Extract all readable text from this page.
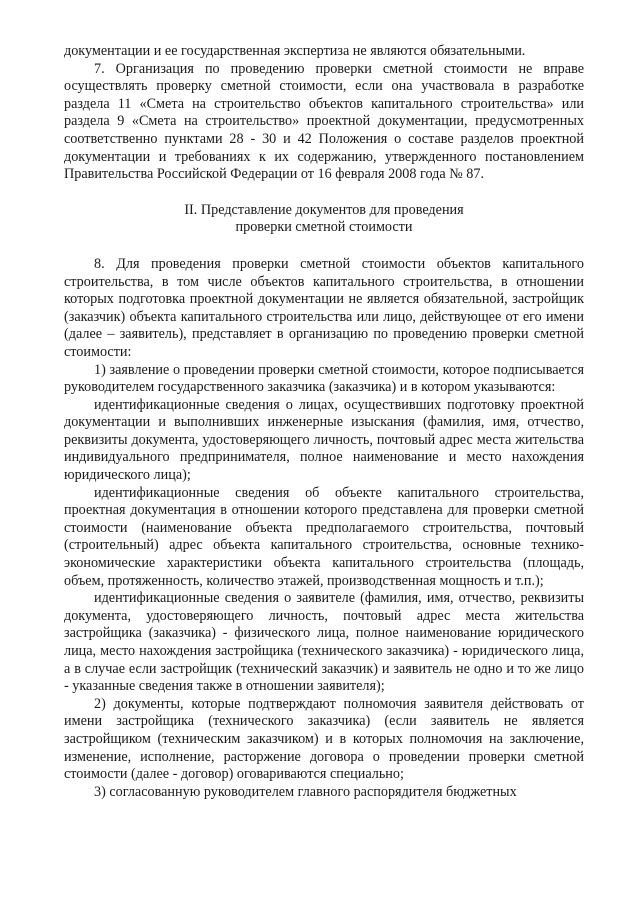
документации и ее государственная экспертиза не являются обязательными.

7. Организация по проведению проверки сметной стоимости не вправе осуществлять проверку сметной стоимости, если она участвовала в разработке раздела 11 «Смета на строительство объектов капитального строительства» или раздела 9 «Смета на строительство» проектной документации, предусмотренных соответственно пунктами 28 - 30 и 42 Положения о составе разделов проектной документации и требованиях к их содержанию, утвержденного постановлением Правительства Российской Федерации от 16 февраля 2008 года № 87.

II. Представление документов для проведения
проверки сметной стоимости

8. Для проведения проверки сметной стоимости объектов капитального строительства, в том числе объектов капитального строительства, в отношении которых подготовка проектной документации не является обязательной, застройщик (заказчик) объекта капитального строительства или лицо, действующее от его имени (далее – заявитель), представляет в организацию по проведению проверки сметной стоимости:

1) заявление о проведении проверки сметной стоимости, которое подписывается руководителем государственного заказчика (заказчика) и в котором указываются:

идентификационные сведения о лицах, осуществивших подготовку проектной документации и выполнивших инженерные изыскания (фамилия, имя, отчество, реквизиты документа, удостоверяющего личность, почтовый адрес места жительства индивидуального предпринимателя, полное наименование и место нахождения юридического лица);

идентификационные сведения об объекте капитального строительства, проектная документация в отношении которого представлена для проверки сметной стоимости (наименование объекта предполагаемого строительства, почтовый (строительный) адрес объекта капитального строительства, основные технико-экономические характеристики объекта капитального строительства (площадь, объем, протяженность, количество этажей, производственная мощность и т.п.);

идентификационные сведения о заявителе (фамилия, имя, отчество, реквизиты документа, удостоверяющего личность, почтовый адрес места жительства застройщика (заказчика) - физического лица, полное наименование юридического лица, место нахождения застройщика (технического заказчика) - юридического лица, а в случае если застройщик (технический заказчик) и заявитель не одно и то же лицо - указанные сведения также в отношении заявителя);

2) документы, которые подтверждают полномочия заявителя действовать от имени застройщика (технического заказчика) (если заявитель не является застройщиком (техническим заказчиком) и в которых полномочия на заключение, изменение, исполнение, расторжение договора о проведении проверки сметной стоимости (далее - договор) оговариваются специально;

3) согласованную руководителем главного распорядителя бюджетных
